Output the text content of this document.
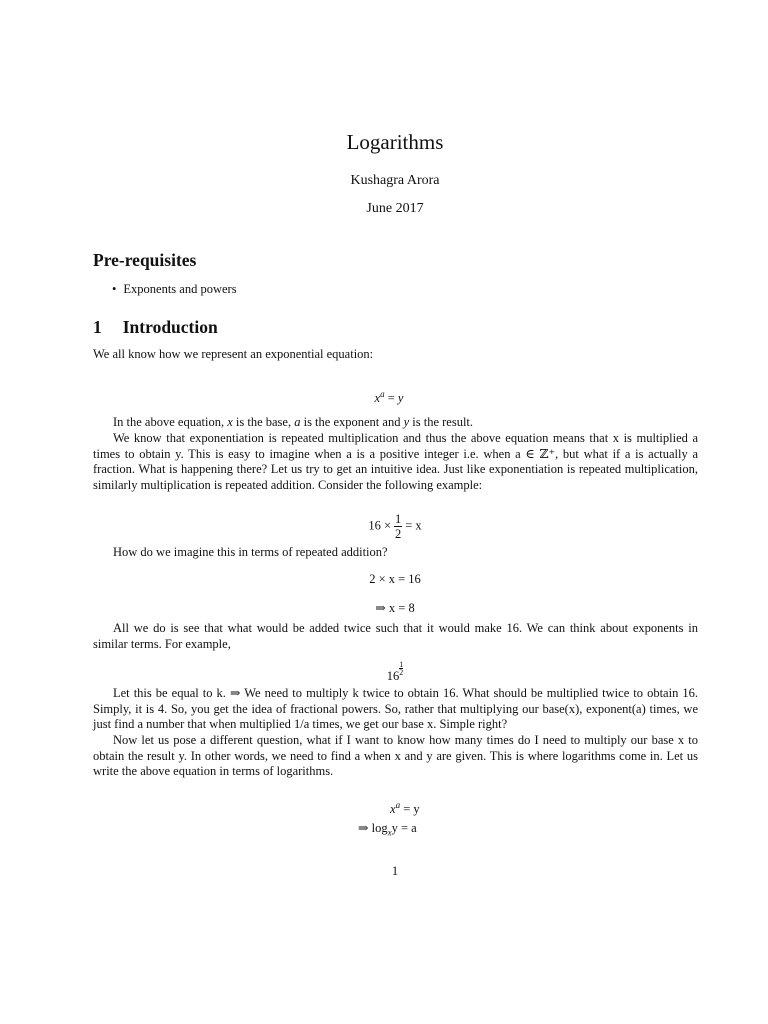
Logarithms
Kushagra Arora
June 2017
Pre-requisites
• Exponents and powers
1 Introduction
We all know how we represent an exponential equation:
$x^a = y$
In the above equation, x is the base, a is the exponent and y is the result.
We know that exponentiation is repeated multiplication and thus the above equation means that x is multiplied a times to obtain y. This is easy to imagine when a is a positive integer i.e. when a ∈ ℤ⁺, but what if a is actually a fraction. What is happening there? Let us try to get an intuitive idea. Just like exponentiation is repeated multiplication, similarly multiplication is repeated addition. Consider the following example:
$16 \times \frac{1}{2} = x$
How do we imagine this in terms of repeated addition?
2 × x = 16
⇒ x = 8
All we do is see that what would be added twice such that it would make 16. We can think about exponents in similar terms. For example,
16
$\frac{1}{2}$
Let this be equal to k. ⇒ We need to multiply k twice to obtain 16. What should be multiplied twice to obtain 16. Simply, it is 4. So, you get the idea of fractional powers. So, rather that multiplying our base(x), exponent(a) times, we just find a number that when multiplied 1/a times, we get our base x. Simple right?
Now let us pose a different question, what if I want to know how many times do I need to multiply our base x to obtain the result y. In other words, we need to find a when x and y are given. This is where logarithms come in. Let us write the above equation in terms of logarithms.
$x^a = y$
⇒ $\log_xy = a$
1
